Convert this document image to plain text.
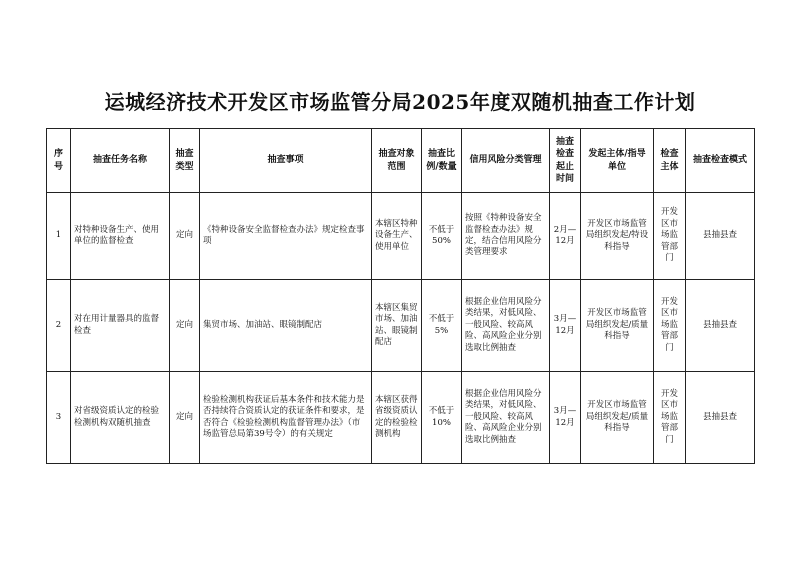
运城经济技术开发区市场监管分局2025年度双随机抽查工作计划
序号	抽查任务名称	抽查类型	抽查事项	抽查对象范围	抽查比例/数量	信用风险分类管理	抽查检查起止时间	发起主体/指导单位	检查主体	抽查检查模式
1	对特种设备生产、使用单位的监督检查	定向	《特种设备安全监督检查办法》规定检查事项	本辖区特种设备生产、使用单位	不低于50%	按照《特种设备安全监督检查办法》规定，结合信用风险分类管理要求	2月—12月	开发区市场监管局组织发起/特设科指导	开发区市场监管部门	县抽县查
2	对在用计量器具的监督检查	定向	集贸市场、加油站、眼镜制配店	本辖区集贸市场、加油站、眼镜制配店	不低于5%	根据企业信用风险分类结果，对低风险、一般风险、较高风险、高风险企业分别选取比例抽查	3月—12月	开发区市场监管局组织发起/质量科指导	开发区市场监管部门	县抽县查
3	对省级资质认定的检验检测机构双随机抽查	定向	检验检测机构获证后基本条件和技术能力是否持续符合资质认定的获证条件和要求，是否符合《检验检测机构监督管理办法》（市场监管总局第39号令）的有关规定	本辖区获得省级资质认定的检验检测机构	不低于10%	根据企业信用风险分类结果，对低风险、一般风险、较高风险、高风险企业分别选取比例抽查	3月—12月	开发区市场监管局组织发起/质量科指导	开发区市场监管部门	县抽县查
